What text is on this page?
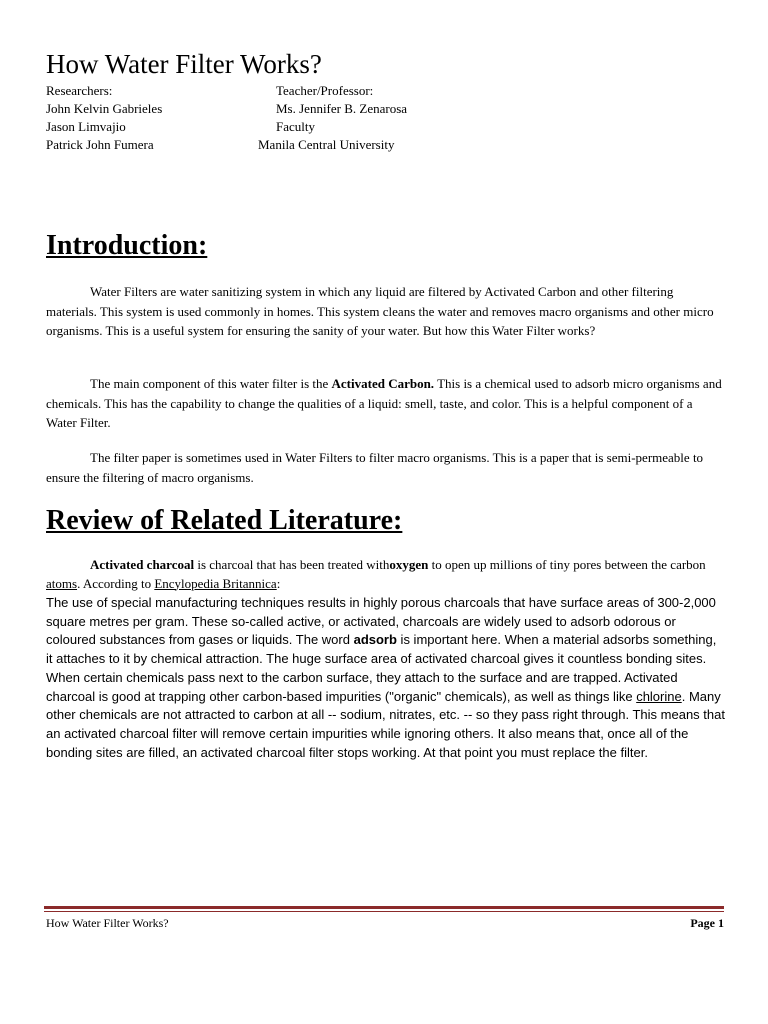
How Water Filter Works?
Researchers:
John Kelvin Gabrieles
Jason Limvajio
Patrick John Fumera
Teacher/Professor:
Ms. Jennifer B. Zenarosa
Faculty
Manila Central University
Introduction:

Water Filters are water sanitizing system in which any liquid are filtered by Activated Carbon and other filtering materials. This system is used commonly in homes. This system cleans the water and removes macro organisms and other micro organisms. This is a useful system for ensuring the sanity of your water. But how this Water Filter works?

The main component of this water filter is the Activated Carbon. This is a chemical used to adsorb micro organisms and chemicals. This has the capability to change the qualities of a liquid: smell, taste, and color. This is a helpful component of a Water Filter.

The filter paper is sometimes used in Water Filters to filter macro organisms. This is a paper that is semi-permeable to ensure the filtering of macro organisms.

Review of Related Literature:

Activated charcoal is charcoal that has been treated withoxygen to open up millions of tiny pores between the carbon atoms. According to Encylopedia Britannica:

The use of special manufacturing techniques results in highly porous charcoals that have surface areas of 300-2,000 square metres per gram. These so-called active, or activated, charcoals are widely used to adsorb odorous or coloured substances from gases or liquids. The word adsorb is important here. When a material adsorbs something, it attaches to it by chemical attraction. The huge surface area of activated charcoal gives it countless bonding sites. When certain chemicals pass next to the carbon surface, they attach to the surface and are trapped. Activated charcoal is good at trapping other carbon-based impurities ("organic" chemicals), as well as things like chlorine. Many other chemicals are not attracted to carbon at all -- sodium, nitrates, etc. -- so they pass right through. This means that an activated charcoal filter will remove certain impurities while ignoring others. It also means that, once all of the bonding sites are filled, an activated charcoal filter stops working. At that point you must replace the filter.

How Water Filter Works?	Page 1
